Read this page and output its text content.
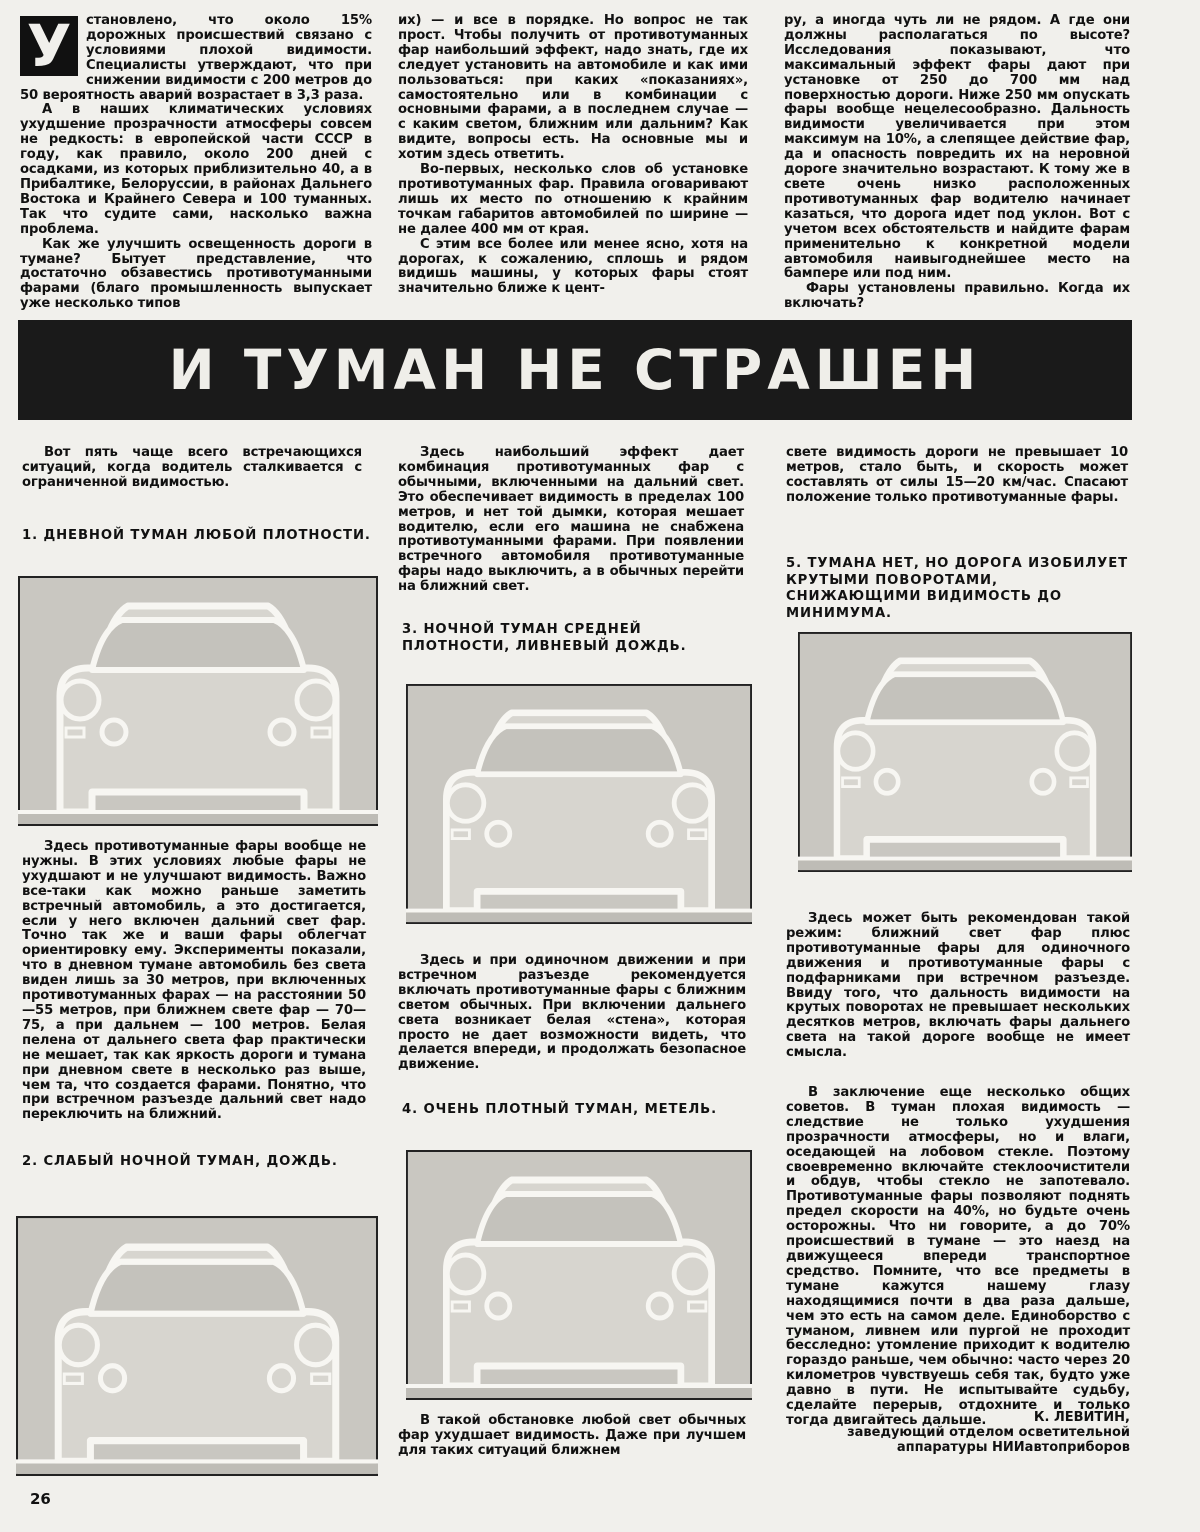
У	становлено, что около 15% дорожных происшествий связано с условиями плохой видимости. Специалисты утверждают, что при снижении видимости с 200 метров до 50 вероятность аварий возрастает в 3,3 раза.

А в наших климатических условиях ухудшение прозрачности атмосферы совсем не редкость: в европейской части СССР в году, как правило, около 200 дней с осадками, из которых приблизительно 40, а в Прибалтике, Белоруссии, в районах Дальнего Востока и Крайнего Севера и 100 туманных. Так что судите сами, насколько важна проблема.

Как же улучшить освещенность дороги в тумане? Бытует представление, что достаточно обзавестись противотуманными фарами (благо промышленность выпускает уже несколько типов

их) — и все в порядке. Но вопрос не так прост. Чтобы получить от противотуманных фар наибольший эффект, надо знать, где их следует установить на автомобиле и как ими пользоваться: при каких «показаниях», самостоятельно или в комбинации с основными фарами, а в последнем случае — с каким светом, ближним или дальним? Как видите, вопросы есть. На основные мы и хотим здесь ответить.

Во-первых, несколько слов об установке противотуманных фар. Правила оговаривают лишь их место по отношению к крайним точкам габаритов автомобилей по ширине — не далее 400 мм от края.

С этим все более или менее ясно, хотя на дорогах, к сожалению, сплошь и рядом видишь машины, у которых фары стоят значительно ближе к цент-

ру, а иногда чуть ли не рядом. А где они должны располагаться по высоте? Исследования показывают, что максимальный эффект фары дают при установке от 250 до 700 мм над поверхностью дороги. Ниже 250 мм опускать фары вообще нецелесообразно. Дальность видимости увеличивается при этом максимум на 10%, а слепящее действие фар, да и опасность повредить их на неровной дороге значительно возрастают. К тому же в свете очень низко расположенных противотуманных фар водителю начинает казаться, что дорога идет под уклон. Вот с учетом всех обстоятельств и найдите фарам применительно к конкретной модели автомобиля наивыгоднейшее место на бампере или под ним.

Фары установлены правильно. Когда их включать?

И ТУМАН НЕ СТРАШЕН

Вот пять чаще всего встречающихся ситуаций, когда водитель сталкивается с ограниченной видимостью.

1. ДНЕВНОЙ ТУМАН ЛЮБОЙ ПЛОТНОСТИ.

Здесь противотуманные фары вообще не нужны. В этих условиях любые фары не ухудшают и не улучшают видимость. Важно все-таки как можно раньше заметить встречный автомобиль, а это достигается, если у него включен дальний свет фар. Точно так же и ваши фары облегчат ориентировку ему. Эксперименты показали, что в дневном тумане автомобиль без света виден лишь за 30 метров, при включенных противотуманных фарах — на расстоянии 50—55 метров, при ближнем свете фар — 70—75, а при дальнем — 100 метров. Белая пелена от дальнего света фар практически не мешает, так как яркость дороги и тумана при дневном свете в несколько раз выше, чем та, что создается фарами. Понятно, что при встречном разъезде дальний свет надо переключить на ближний.

2. СЛАБЫЙ НОЧНОЙ ТУМАН, ДОЖДЬ.
26

Здесь наибольший эффект дает комбинация противотуманных фар с обычными, включенными на дальний свет. Это обеспечивает видимость в пределах 100 метров, и нет той дымки, которая мешает водителю, если его машина не снабжена противотуманными фарами. При появлении встречного автомобиля противотуманные фары надо выключить, а в обычных перейти на ближний свет.

3. НОЧНОЙ ТУМАН СРЕДНЕЙ ПЛОТНОСТИ, ЛИВНЕВЫЙ ДОЖДЬ.

Здесь и при одиночном движении и при встречном разъезде рекомендуется включать противотуманные фары с ближним светом обычных. При включении дальнего света возникает белая «стена», которая просто не дает возможности видеть, что делается впереди, и продолжать безопасное движение.

4. ОЧЕНЬ ПЛОТНЫЙ ТУМАН, МЕТЕЛЬ.

В такой обстановке любой свет обычных фар ухудшает видимость. Даже при лучшем для таких ситуаций ближнем

свете видимость дороги не превышает 10 метров, стало быть, и скорость может составлять от силы 15—20 км/час. Спасают положение только противотуманные фары.

5. ТУМАНА НЕТ, НО ДОРОГА ИЗОБИЛУЕТ КРУТЫМИ ПОВОРОТАМИ, СНИЖАЮЩИМИ ВИДИМОСТЬ ДО МИНИМУМА.

Здесь может быть рекомендован такой режим: ближний свет фар плюс противотуманные фары для одиночного движения и противотуманные фары с подфарниками при встречном разъезде. Ввиду того, что дальность видимости на крутых поворотах не превышает нескольких десятков метров, включать фары дальнего света на такой дороге вообще не имеет смысла.

В заключение еще несколько общих советов. В туман плохая видимость — следствие не только ухудшения прозрачности атмосферы, но и влаги, оседающей на лобовом стекле. Поэтому своевременно включайте стеклоочистители и обдув, чтобы стекло не запотевало. Противотуманные фары позволяют поднять предел скорости на 40%, но будьте очень осторожны. Что ни говорите, а до 70% происшествий в тумане — это наезд на движущееся впереди транспортное средство. Помните, что все предметы в тумане кажутся нашему глазу находящимися почти в два раза дальше, чем это есть на самом деле. Единоборство с туманом, ливнем или пургой не проходит бесследно: утомление приходит к водителю гораздо раньше, чем обычно: часто через 20 километров чувствуешь себя так, будто уже давно в пути. Не испытывайте судьбу, сделайте перерыв, отдохните и только тогда двигайтесь дальше.	К. ЛЕВИТИН,
заведующий отделом осветительной
аппаратуры НИИавтоприборов
